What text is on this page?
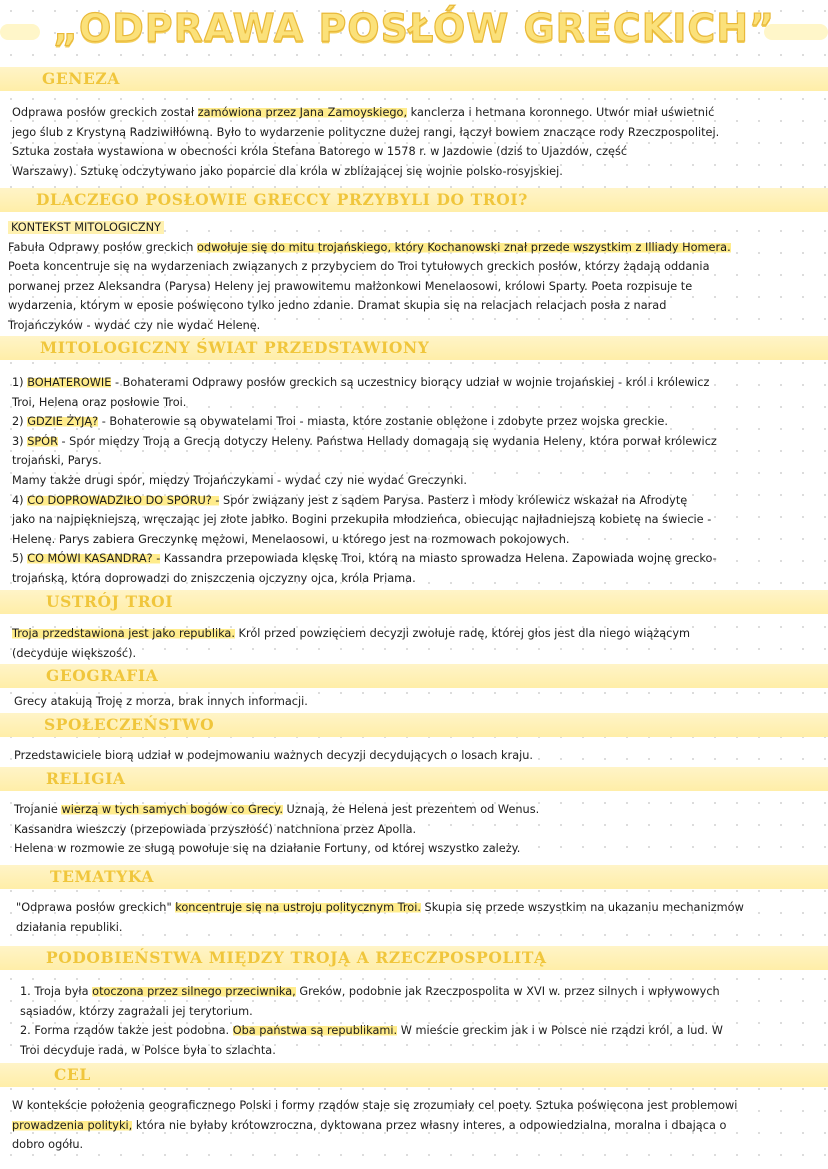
„ODPRAWA POSŁÓW GRECKICH”
GENEZA

Odprawa posłów greckich został zamówiona przez Jana Zamoyskiego, kanclerza i hetmana koronnego. Utwór miał uświetnić

jego ślub z Krystyną Radziwiłłówną. Było to wydarzenie polityczne dużej rangi, łączył bowiem znaczące rody Rzeczpospolitej.

Sztuka została wystawiona w obecności króla Stefana Batorego w 1578 r. w Jazdowie (dziś to Ujazdów, część

Warszawy). Sztukę odczytywano jako poparcie dla króla w zbliżającej się wojnie polsko-rosyjskiej.

DLACZEGO POSŁOWIE GRECCY PRZYBYLI DO TROI?

KONTEKST MITOLOGICZNY

Fabuła Odprawy posłów greckich odwołuje się do mitu trojańskiego, który Kochanowski znał przede wszystkim z Illiady Homera.

Poeta koncentruje się na wydarzeniach związanych z przybyciem do Troi tytułowych greckich posłów, którzy żądają oddania

porwanej przez Aleksandra (Parysa) Heleny jej prawowitemu małżonkowi Menelaosowi, królowi Sparty. Poeta rozpisuje te

wydarzenia, którym w eposie poświęcono tylko jedno zdanie. Dramat skupia się na relacjach relacjach posła z narad

Trojańczyków - wydać czy nie wydać Helenę.

MITOLOGICZNY ŚWIAT PRZEDSTAWIONY

1) BOHATEROWIE - Bohaterami Odprawy posłów greckich są uczestnicy biorący udział w wojnie trojańskiej - król i królewicz

Troi, Helena oraz posłowie Troi.

2) GDZIE ŻYJĄ? - Bohaterowie są obywatelami Troi - miasta, które zostanie oblężone i zdobyte przez wojska greckie.

3) SPÓR - Spór między Troją a Grecją dotyczy Heleny. Państwa Hellady domagają się wydania Heleny, która porwał królewicz

trojański, Parys.

Mamy także drugi spór, między Trojańczykami - wydać czy nie wydać Greczynki.

4) CO DOPROWADZIŁO DO SPORU? - Spór związany jest z sądem Parysa. Pasterz i młody królewicz wskazał na Afrodytę

jako na najpiękniejszą, wręczając jej złote jabłko. Bogini przekupiła młodzieńca, obiecując najładniejszą kobietę na świecie -

Helenę. Parys zabiera Greczynkę mężowi, Menelaosowi, u którego jest na rozmowach pokojowych.

5) CO MÓWI KASANDRA? - Kassandra przepowiada klęskę Troi, którą na miasto sprowadza Helena. Zapowiada wojnę grecko-

trojańską, która doprowadzi do zniszczenia ojczyzny ojca, króla Priama.

USTRÓJ TROI

Troja przedstawiona jest jako republika. Król przed powzięciem decyzji zwołuje radę, której głos jest dla niego wiążącym

(decyduje większość).

GEOGRAFIA

Grecy atakują Troję z morza, brak innych informacji.

SPOŁECZEŃSTWO

Przedstawiciele biorą udział w podejmowaniu ważnych decyzji decydujących o losach kraju.

RELIGIA

Trojanie wierzą w tych samych bogów co Grecy. Uznają, że Helena jest prezentem od Wenus.

Kassandra wieszczy (przepowiada przyszłość) natchniona przez Apolla.

Helena w rozmowie ze sługą powołuje się na działanie Fortuny, od której wszystko zależy.

TEMATYKA

"Odprawa posłów greckich" koncentruje się na ustroju politycznym Troi. Skupia się przede wszystkim na ukazaniu mechanizmów

działania republiki.

PODOBIEŃSTWA MIĘDZY TROJĄ A RZECZPOSPOLITĄ

1. Troja była otoczona przez silnego przeciwnika, Greków, podobnie jak Rzeczpospolita w XVI w. przez silnych i wpływowych

sąsiadów, którzy zagrażali jej terytorium.

2. Forma rządów także jest podobna. Oba państwa są republikami. W mieście greckim jak i w Polsce nie rządzi król, a lud. W

Troi decyduje rada, w Polsce była to szlachta.

CEL

W kontekście położenia geograficznego Polski i formy rządów staje się zrozumiały cel poety. Sztuka poświęcona jest problemowi

prowadzenia polityki, która nie byłaby krótowzroczna, dyktowana przez własny interes, a odpowiedzialna, moralna i dbająca o

dobro ogółu.
